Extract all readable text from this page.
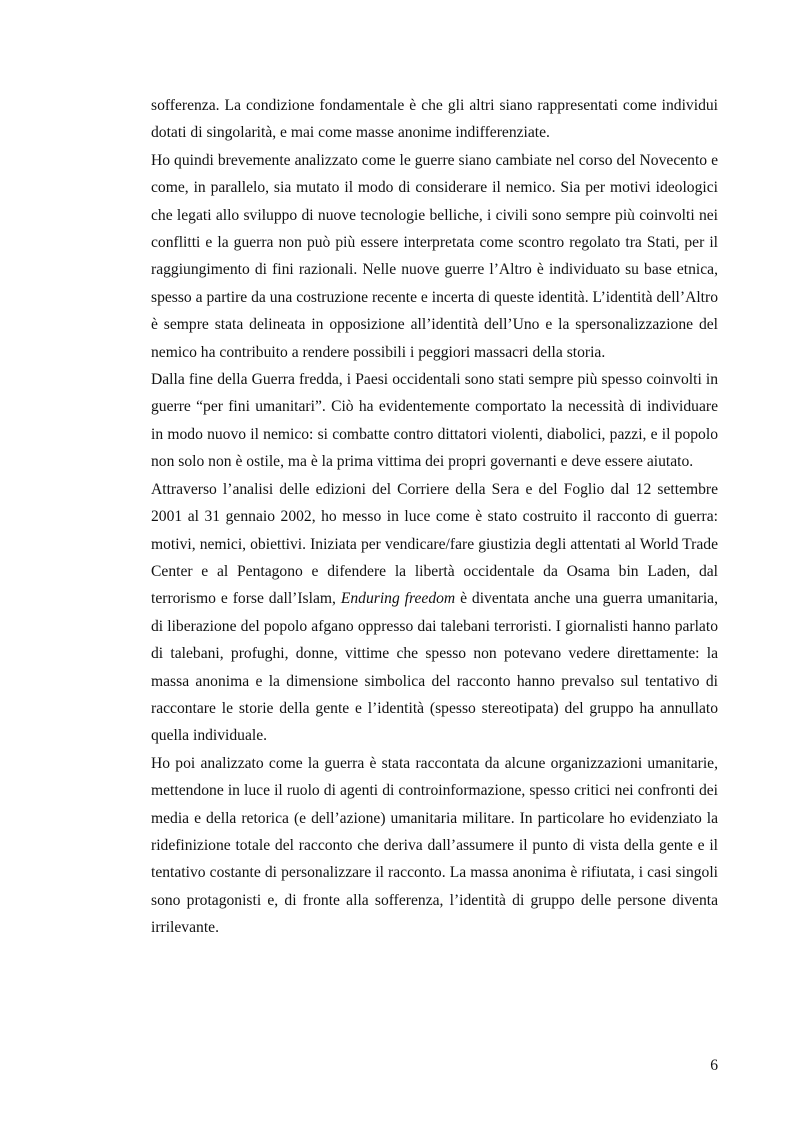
sofferenza. La condizione fondamentale è che gli altri siano rappresentati come individui dotati di singolarità, e mai come masse anonime indifferenziate.

Ho quindi brevemente analizzato come le guerre siano cambiate nel corso del Novecento e come, in parallelo, sia mutato il modo di considerare il nemico. Sia per motivi ideologici che legati allo sviluppo di nuove tecnologie belliche, i civili sono sempre più coinvolti nei conflitti e la guerra non può più essere interpretata come scontro regolato tra Stati, per il raggiungimento di fini razionali. Nelle nuove guerre l’Altro è individuato su base etnica, spesso a partire da una costruzione recente e incerta di queste identità. L’identità dell’Altro è sempre stata delineata in opposizione all’identità dell’Uno e la spersonalizzazione del nemico ha contribuito a rendere possibili i peggiori massacri della storia.

Dalla fine della Guerra fredda, i Paesi occidentali sono stati sempre più spesso coinvolti in guerre “per fini umanitari”. Ciò ha evidentemente comportato la necessità di individuare in modo nuovo il nemico: si combatte contro dittatori violenti, diabolici, pazzi, e il popolo non solo non è ostile, ma è la prima vittima dei propri governanti e deve essere aiutato.

Attraverso l’analisi delle edizioni del Corriere della Sera e del Foglio dal 12 settembre 2001 al 31 gennaio 2002, ho messo in luce come è stato costruito il racconto di guerra: motivi, nemici, obiettivi. Iniziata per vendicare/fare giustizia degli attentati al World Trade Center e al Pentagono e difendere la libertà occidentale da Osama bin Laden, dal terrorismo e forse dall’Islam, Enduring freedom è diventata anche una guerra umanitaria, di liberazione del popolo afgano oppresso dai talebani terroristi. I giornalisti hanno parlato di talebani, profughi, donne, vittime che spesso non potevano vedere direttamente: la massa anonima e la dimensione simbolica del racconto hanno prevalso sul tentativo di raccontare le storie della gente e l’identità (spesso stereotipata) del gruppo ha annullato quella individuale.

Ho poi analizzato come la guerra è stata raccontata da alcune organizzazioni umanitarie, mettendone in luce il ruolo di agenti di controinformazione, spesso critici nei confronti dei media e della retorica (e dell’azione) umanitaria militare. In particolare ho evidenziato la ridefinizione totale del racconto che deriva dall’assumere il punto di vista della gente e il tentativo costante di personalizzare il racconto. La massa anonima è rifiutata, i casi singoli sono protagonisti e, di fronte alla sofferenza, l’identità di gruppo delle persone diventa irrilevante.

6
